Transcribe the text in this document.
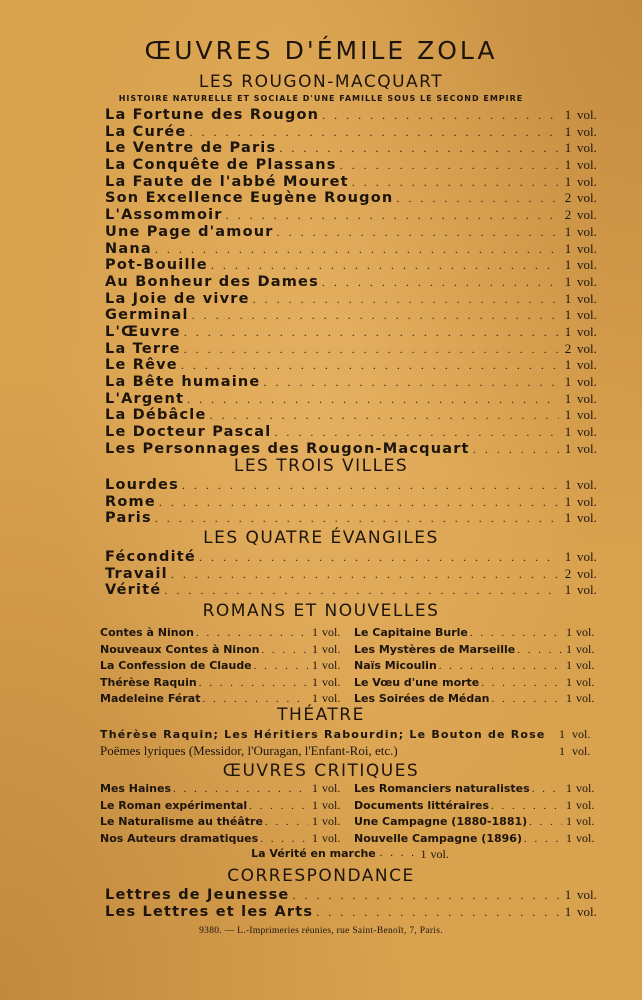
ŒUVRES D'ÉMILE ZOLA
LES ROUGON-MACQUART
HISTOIRE NATURELLE ET SOCIALE D'UNE FAMILLE SOUS LE SECOND EMPIRE
La Fortune des Rougon . . .	1 vol.
La Curée . . .	1 vol.
Le Ventre de Paris . . .	1 vol.
La Conquête de Plassans . . .	1 vol.
La Faute de l'abbé Mouret . . .	1 vol.
Son Excellence Eugène Rougon . . .	2 vol.
L'Assommoir . . .	2 vol.
Une Page d'amour . . .	1 vol.
Nana . . .	1 vol.
Pot-Bouille . . .	1 vol.
Au Bonheur des Dames . . .	1 vol.
La Joie de vivre . . .	1 vol.
Germinal . . .	1 vol.
L'Œuvre . . .	1 vol.
La Terre . . .	2 vol.
Le Rêve . . .	1 vol.
La Bête humaine . . .	1 vol.
L'Argent . . .	1 vol.
La Débâcle . . .	1 vol.
Le Docteur Pascal . . .	1 vol.
Les Personnages des Rougon-Macquart . . .	1 vol.
LES TROIS VILLES
Lourdes . . .	1 vol.
Rome . . .	1 vol.
Paris . . .	1 vol.
LES QUATRE ÉVANGILES
Fécondité . . .	1 vol.
Travail . . .	2 vol.
Vérité . . .	1 vol.
ROMANS ET NOUVELLES
Contes à Ninon . . .	1 vol.	Le Capitaine Burle . . .	1 vol.
Nouveaux Contes à Ninon . . .	1 vol.	Les Mystères de Marseille . . .	1 vol.
La Confession de Claude . . .	1 vol.	Naïs Micoulin . . .	1 vol.
Thérèse Raquin . . .	1 vol.	Le Vœu d'une morte . . .	1 vol.
Madeleine Férat . . .	1 vol.	Les Soirées de Médan . . .	1 vol.
THÉATRE
Thérèse Raquin; Les Héritiers Rabourdin; Le Bouton de Rose	1 vol.
Poëmes lyriques (Messidor, l'Ouragan, l'Enfant-Roi, etc.)	1 vol.
ŒUVRES CRITIQUES
Mes Haines . . .	1 vol.	Les Romanciers naturalistes . . .	1 vol.
Le Roman expérimental . . .	1 vol.	Documents littéraires . . .	1 vol.
Le Naturalisme au théâtre . . .	1 vol.	Une Campagne (1880-1881) . . .	1 vol.
Nos Auteurs dramatiques . . .	1 vol.	Nouvelle Campagne (1896) . . .	1 vol.
La Vérité en marche . . . . 1 vol.
CORRESPONDANCE
Lettres de Jeunesse . . .	1 vol.
Les Lettres et les Arts . . .	1 vol.
9380. — L.-Imprimeries réunies, rue Saint-Benoît, 7, Paris.
